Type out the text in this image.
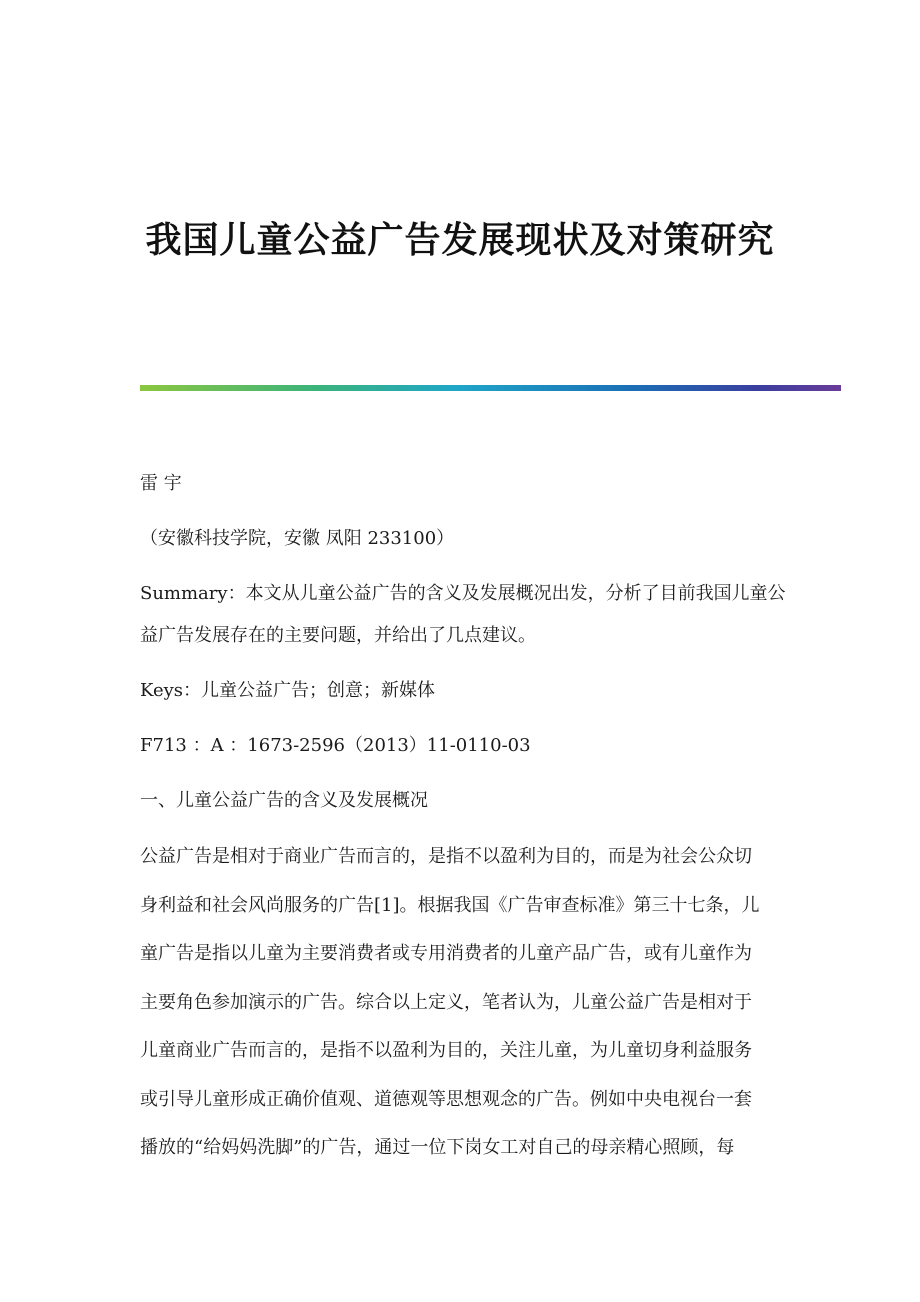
我国儿童公益广告发展现状及对策研究
雷 宇
（安徽科技学院，安徽 凤阳 233100）
Summary：本文从儿童公益广告的含义及发展概况出发，分析了目前我国儿童公
益广告发展存在的主要问题，并给出了几点建议。
Keys：儿童公益广告；创意；新媒体
F713 ：A ：1673-2596（2013）11-0110-03
一、儿童公益广告的含义及发展概况
公益广告是相对于商业广告而言的，是指不以盈利为目的，而是为社会公众切
身利益和社会风尚服务的广告[1]。根据我国《广告审查标准》第三十七条，儿
童广告是指以儿童为主要消费者或专用消费者的儿童产品广告，或有儿童作为
主要角色参加演示的广告。综合以上定义，笔者认为，儿童公益广告是相对于
儿童商业广告而言的，是指不以盈利为目的，关注儿童，为儿童切身利益服务
或引导儿童形成正确价值观、道德观等思想观念的广告。例如中央电视台一套
播放的“给妈妈洗脚”的广告，通过一位下岗女工对自己的母亲精心照顾，每
